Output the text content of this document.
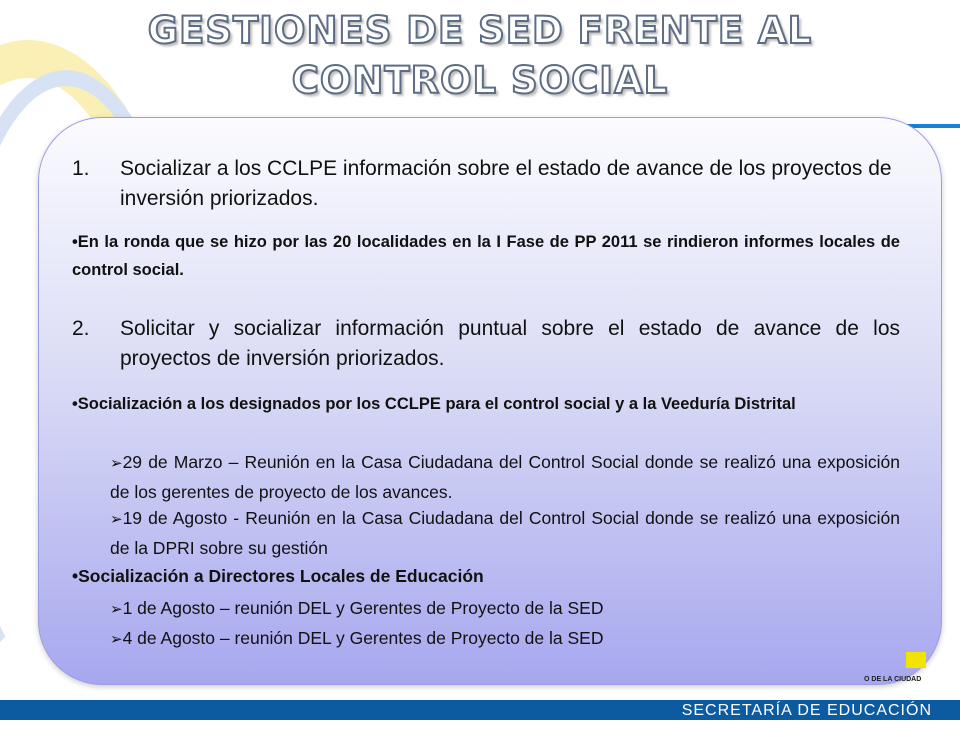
GESTIONES DE SED FRENTE AL CONTROL SOCIAL
1. Socializar a los CCLPE información sobre el estado de avance de los proyectos de inversión priorizados.
•En la ronda que se hizo por las 20 localidades en la I Fase de PP 2011 se rindieron informes locales de control social.
2. Solicitar y socializar información puntual sobre el estado de avance de los proyectos de inversión priorizados.
•Socialización a los designados por los CCLPE para el control social y a la Veeduría Distrital
➢29 de Marzo – Reunión en la Casa Ciudadana del Control Social donde se realizó una exposición de los gerentes de proyecto de los avances.
➢19 de Agosto - Reunión en la Casa Ciudadana del Control Social donde se realizó una exposición de la DPRI sobre su gestión
•Socialización a Directores Locales de Educación
➢1 de Agosto – reunión DEL y Gerentes de Proyecto de la SED
➢4 de Agosto – reunión DEL y Gerentes de Proyecto de la SED
O DE LA CIUDAD
SECRETARÍA DE EDUCACIÓN
